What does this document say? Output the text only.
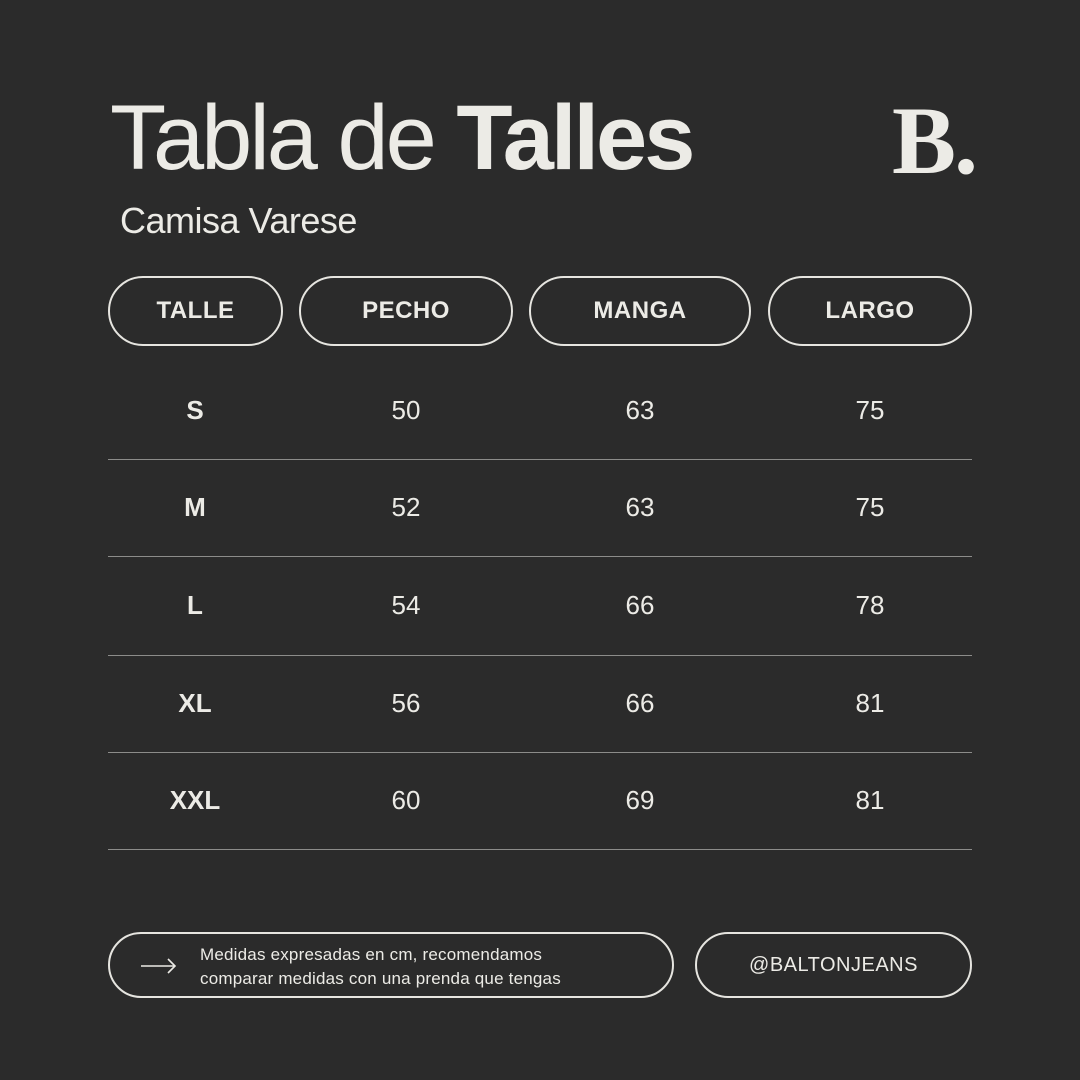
Tabla de Talles
Camisa Varese
B.
TALLE	PECHO	MANGA	LARGO
S	50	63	75
M	52	63	75
L	54	66	78
XL	56	66	81
XXL	60	69	81
Medidas expresadas en cm, recomendamos
comparar medidas con una prenda que tengas
@BALTONJEANS
